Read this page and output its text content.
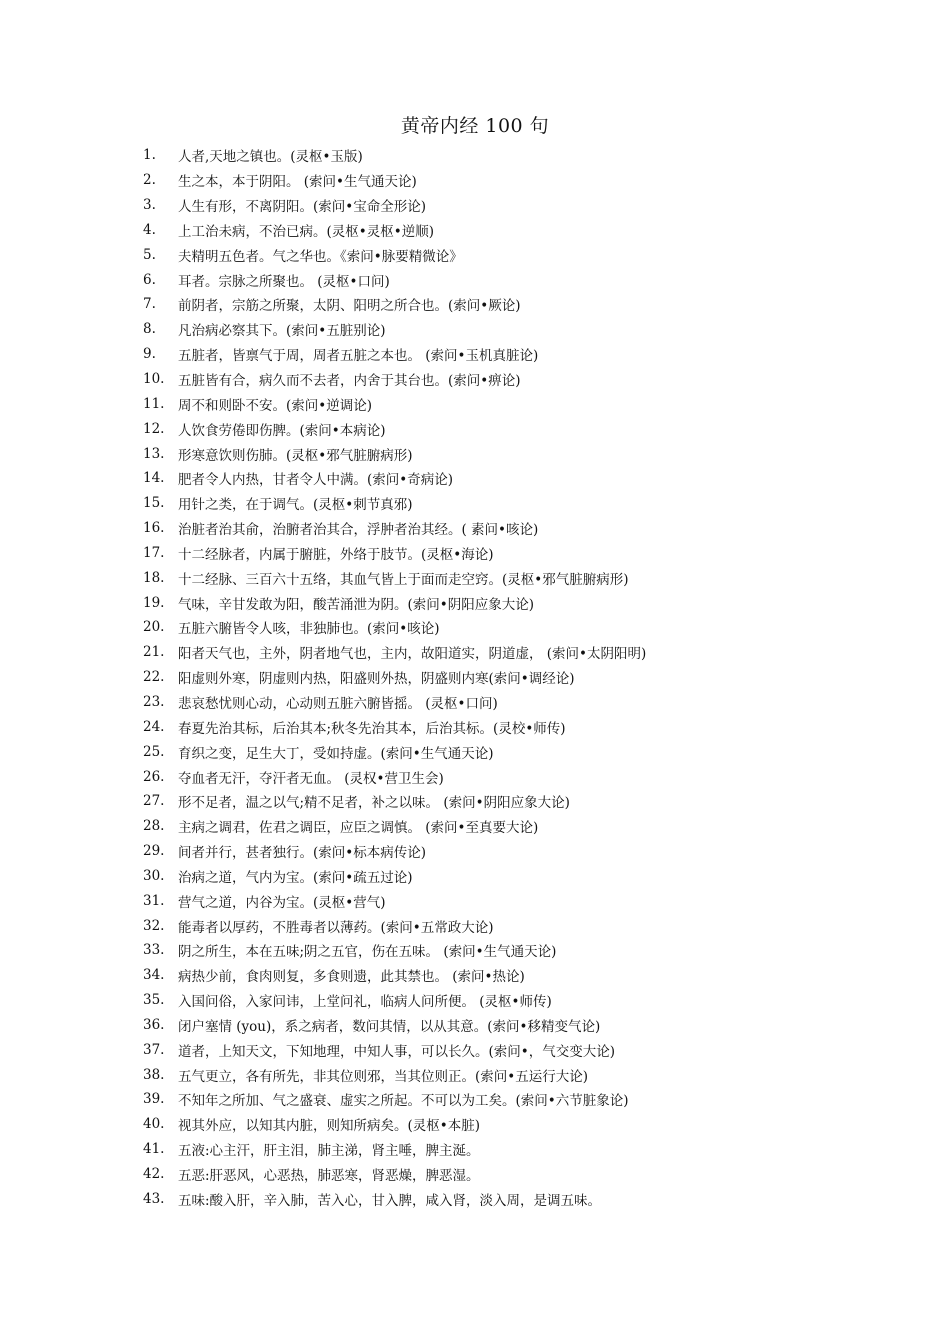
黄帝内经 100 句
1.	人者,天地之镇也。(灵枢•玉版)
2.	生之本，本于阴阳。 (索问•生气通天论)
3.	人生有形，不离阴阳。(索问•宝命全形论)
4.	上工治未病，不治已病。(灵枢•灵枢•逆顺)
5.	夫精明五色者。气之华也。《索问•脉要精微论》
6.	耳者。宗脉之所聚也。 (灵枢•口问)
7.	前阴者，宗筋之所聚，太阴、阳明之所合也。(索问•厥论)
8.	凡治病必察其下。(索问•五脏别论)
9.	五脏者，皆禀气于周，周者五脏之本也。 (索问•玉机真脏论)
10.	五脏皆有合，病久而不去者，内舍于其台也。(索问•痹论)
11.	周不和则卧不安。(索问•逆调论)
12.	人饮食劳倦即伤脾。(索问•本病论)
13.	形寒意饮则伤肺。(灵枢•邪气脏腑病形)
14.	肥者令人内热，甘者令人中满。(索问•奇病论)
15.	用针之类，在于调气。(灵枢•刺节真邪)
16.	治脏者治其俞，治腑者治其合，浮肿者治其经。( 素问•咳论)
17.	十二经脉者，内属于腑脏，外络于肢节。(灵枢•海论)
18.	十二经脉、三百六十五络，其血气皆上于面而走空窍。(灵枢•邪气脏腑病形)
19.	气味，辛甘发敢为阳，酸苦涌泄为阴。(索问•阴阳应象大论)
20.	五脏六腑皆令人咳，非独肺也。(索问•咳论)
21.	阳者天气也，主外，阴者地气也，主内，故阳道实，阴道虚， (索问•太阴阳明)
22.	阳虚则外寒，阴虚则内热，阳盛则外热，阴盛则内寒(索问•调经论)
23.	悲哀愁忧则心动，心动则五脏六腑皆摇。 (灵枢•口问)
24.	春夏先治其标，后治其本;秋冬先治其本，后治其标。(灵校•师传)
25.	育织之变，足生大丁，受如持虚。(索问•生气通天论)
26.	夺血者无汗，夺汗者无血。 (灵权•营卫生会)
27.	形不足者，温之以气;精不足者，补之以味。 (索问•阴阳应象大论)
28.	主病之调君，佐君之调臣，应臣之调慎。 (索问•至真要大论)
29.	间者并行，甚者独行。(索问•标本病传论)
30.	治病之道，气内为宝。(索问•疏五过论)
31.	营气之道，内谷为宝。(灵枢•营气)
32.	能毒者以厚药，不胜毒者以薄药。(索问•五常政大论)
33.	阴之所生，本在五味;阴之五官，伤在五味。 (索问•生气通天论)
34.	病热少前，食肉则复，多食则遗，此其禁也。 (索问•热论)
35.	入国问俗，入家问讳，上堂问礼，临病人问所便。 (灵枢•师传)
36.	闭户塞情 (you)，系之病者，数问其情，以从其意。(索问•移精变气论)
37.	道者，上知天文，下知地理，中知人事，可以长久。(索问•，气交变大论)
38.	五气更立，各有所先，非其位则邪，当其位则正。(索问•五运行大论)
39.	不知年之所加、气之盛衰、虚实之所起。不可以为工矣。(索问•六节脏象论)
40.	视其外应，以知其内脏，则知所病矣。(灵枢•本脏)
41.	五液:心主汗，肝主泪，肺主涕，肾主唾，脾主涎。
42.	五恶:肝恶风，心恶热，肺恶寒，肾恶燥，脾恶湿。
43.	五味:酸入肝，辛入肺，苦入心，甘入脾，咸入肾，淡入周，是调五味。
